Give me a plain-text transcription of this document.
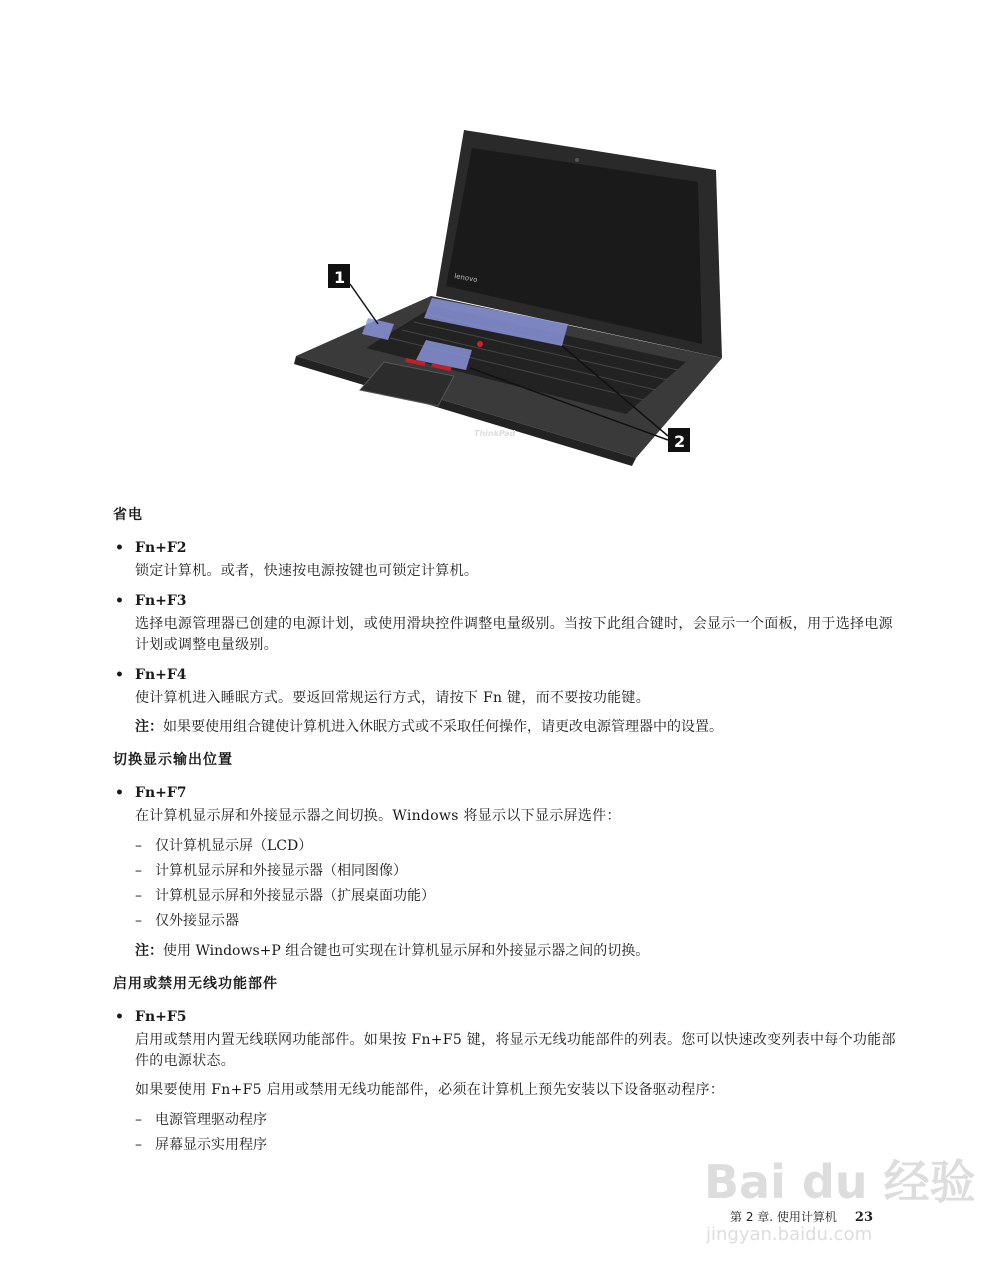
lenovo
ThinkPad
1
2
省电
• Fn+F2
锁定计算机。或者，快速按电源按键也可锁定计算机。
• Fn+F3
选择电源管理器已创建的电源计划，或使用滑块控件调整电量级别。当按下此组合键时，会显示一个面板，用于选择电源计划或调整电量级别。
• Fn+F4
使计算机进入睡眠方式。要返回常规运行方式，请按下 Fn 键，而不要按功能键。
注：如果要使用组合键使计算机进入休眠方式或不采取任何操作，请更改电源管理器中的设置。
切换显示输出位置
• Fn+F7
在计算机显示屏和外接显示器之间切换。Windows 将显示以下显示屏选件：
– 仅计算机显示屏（LCD）
– 计算机显示屏和外接显示器（相同图像）
– 计算机显示屏和外接显示器（扩展桌面功能）
– 仅外接显示器
注：使用 Windows+P 组合键也可实现在计算机显示屏和外接显示器之间的切换。
启用或禁用无线功能部件
• Fn+F5
启用或禁用内置无线联网功能部件。如果按 Fn+F5 键，将显示无线功能部件的列表。您可以快速改变列表中每个功能部件的电源状态。
如果要使用 Fn+F5 启用或禁用无线功能部件，必须在计算机上预先安装以下设备驱动程序：
– 电源管理驱动程序
– 屏幕显示实用程序
Bai du 经验
jingyan.baidu.com
第 2 章. 使用计算机 23
